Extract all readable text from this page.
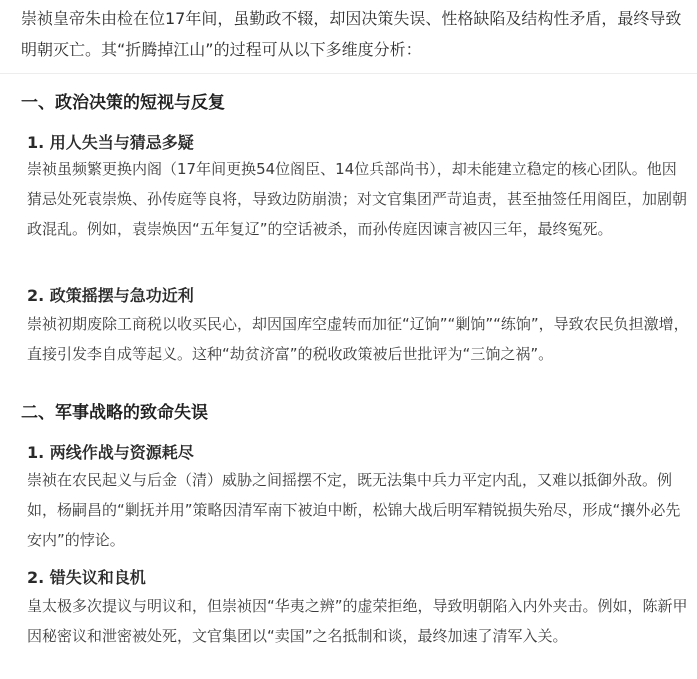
崇祯皇帝朱由检在位17年间，虽勤政不辍，却因决策失误、性格缺陷及结构性矛盾，最终导致明朝灭亡。其“折腾掉江山”的过程可从以下多维度分析：
一、政治决策的短视与反复
1. 用人失当与猜忌多疑
崇祯虽频繁更换内阁（17年间更换54位阁臣、14位兵部尚书），却未能建立稳定的核心团队。他因猜忌处死袁崇焕、孙传庭等良将，导致边防崩溃；对文官集团严苛追责，甚至抽签任用阁臣，加剧朝政混乱。例如，袁崇焕因“五年复辽”的空话被杀，而孙传庭因谏言被囚三年，最终冤死。
2. 政策摇摆与急功近利
崇祯初期废除工商税以收买民心，却因国库空虚转而加征“辽饷”“剿饷”“练饷”，导致农民负担激增，直接引发李自成等起义。这种“劫贫济富”的税收政策被后世批评为“三饷之祸”。
二、军事战略的致命失误
1. 两线作战与资源耗尽
崇祯在农民起义与后金（清）威胁之间摇摆不定，既无法集中兵力平定内乱，又难以抵御外敌。例如，杨嗣昌的“剿抚并用”策略因清军南下被迫中断，松锦大战后明军精锐损失殆尽，形成“攘外必先安内”的悖论。
2. 错失议和良机
皇太极多次提议与明议和，但崇祯因“华夷之辨”的虚荣拒绝，导致明朝陷入内外夹击。例如，陈新甲因秘密议和泄密被处死，文官集团以“卖国”之名抵制和谈，最终加速了清军入关。
